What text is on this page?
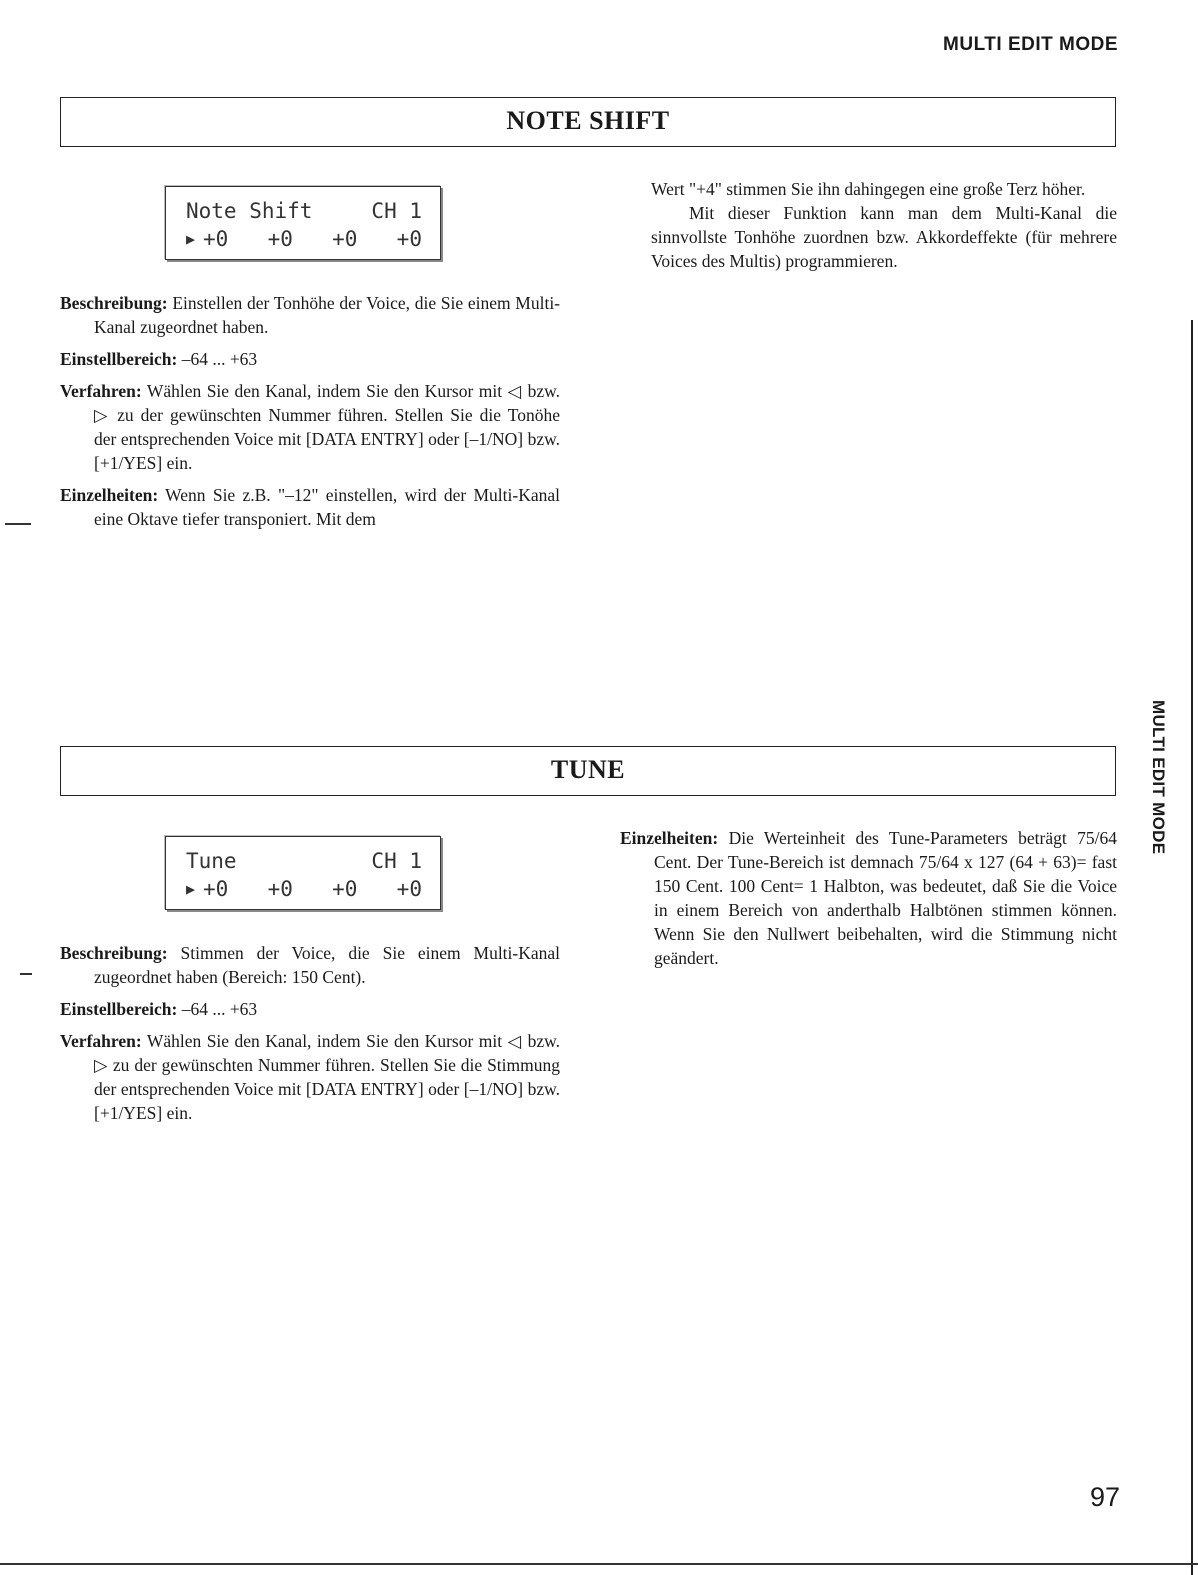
MULTI EDIT MODE
NOTE SHIFT
Note Shift	CH 1
▶ +0 +0 +0 +0

Beschreibung: Einstellen der Tonhöhe der Voice, die Sie einem Multi-Kanal zugeordnet haben.

Einstellbereich: –64 ... +63

Verfahren: Wählen Sie den Kanal, indem Sie den Kursor mit ◁ bzw. ▷ zu der gewünschten Nummer führen. Stellen Sie die Tonöhe der entsprechenden Voice mit [DATA ENTRY] oder [–1/NO] bzw. [+1/YES] ein.

Einzelheiten: Wenn Sie z.B. "–12" einstellen, wird der Multi-Kanal eine Oktave tiefer transponiert. Mit dem

Wert "+4" stimmen Sie ihn dahingegen eine große Terz höher.

Mit dieser Funktion kann man dem Multi-Kanal die sinnvollste Tonhöhe zuordnen bzw. Akkordeffekte (für mehrere Voices des Multis) programmieren.

TUNE
Tune	CH 1
▶ +0 +0 +0 +0

Beschreibung: Stimmen der Voice, die Sie einem Multi-Kanal zugeordnet haben (Bereich: 150 Cent).

Einstellbereich: –64 ... +63

Verfahren: Wählen Sie den Kanal, indem Sie den Kursor mit ◁ bzw. ▷ zu der gewünschten Nummer führen. Stellen Sie die Stimmung der entsprechenden Voice mit [DATA ENTRY] oder [–1/NO] bzw. [+1/YES] ein.

Einzelheiten: Die Werteinheit des Tune-Parameters beträgt 75/64 Cent. Der Tune-Bereich ist demnach 75/64 x 127 (64 + 63)= fast 150 Cent. 100 Cent= 1 Halbton, was bedeutet, daß Sie die Voice in einem Bereich von anderthalb Halbtönen stimmen können. Wenn Sie den Nullwert beibehalten, wird die Stimmung nicht geändert.

MULTI EDIT MODE
97
